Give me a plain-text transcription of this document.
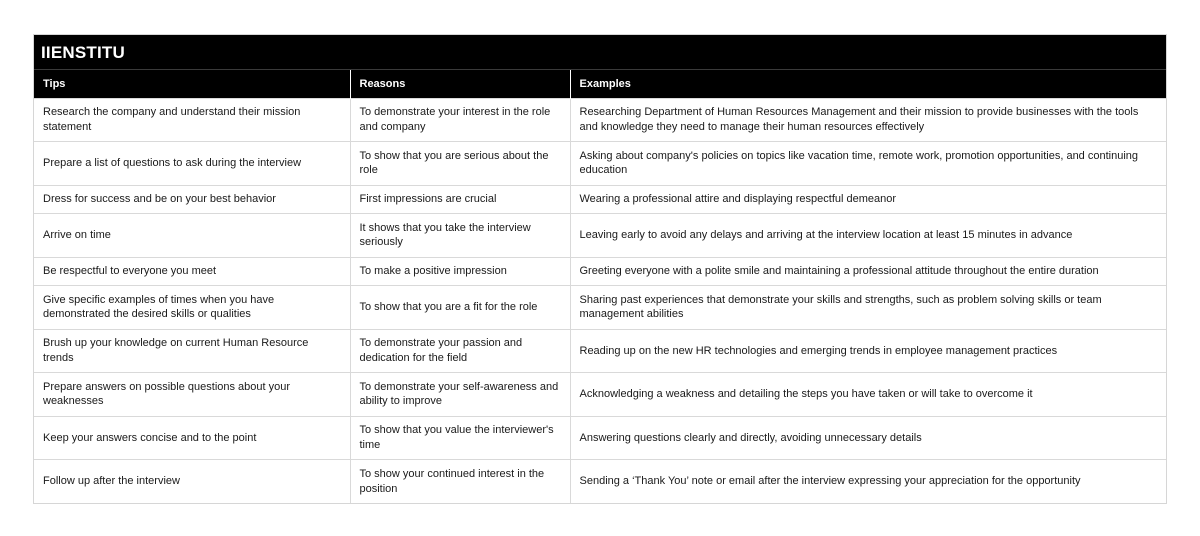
IIENSTITU
Tips	Reasons	Examples
Research the company and understand their mission statement	To demonstrate your interest in the role and company	Researching Department of Human Resources Management and their mission to provide businesses with the tools and knowledge they need to manage their human resources effectively
Prepare a list of questions to ask during the interview	To show that you are serious about the role	Asking about company's policies on topics like vacation time, remote work, promotion opportunities, and continuing education
Dress for success and be on your best behavior	First impressions are crucial	Wearing a professional attire and displaying respectful demeanor
Arrive on time	It shows that you take the interview seriously	Leaving early to avoid any delays and arriving at the interview location at least 15 minutes in advance
Be respectful to everyone you meet	To make a positive impression	Greeting everyone with a polite smile and maintaining a professional attitude throughout the entire duration
Give specific examples of times when you have demonstrated the desired skills or qualities	To show that you are a fit for the role	Sharing past experiences that demonstrate your skills and strengths, such as problem solving skills or team management abilities
Brush up your knowledge on current Human Resource trends	To demonstrate your passion and dedication for the field	Reading up on the new HR technologies and emerging trends in employee management practices
Prepare answers on possible questions about your weaknesses	To demonstrate your self-awareness and ability to improve	Acknowledging a weakness and detailing the steps you have taken or will take to overcome it
Keep your answers concise and to the point	To show that you value the interviewer's time	Answering questions clearly and directly, avoiding unnecessary details
Follow up after the interview	To show your continued interest in the position	Sending a ‘Thank You’ note or email after the interview expressing your appreciation for the opportunity
